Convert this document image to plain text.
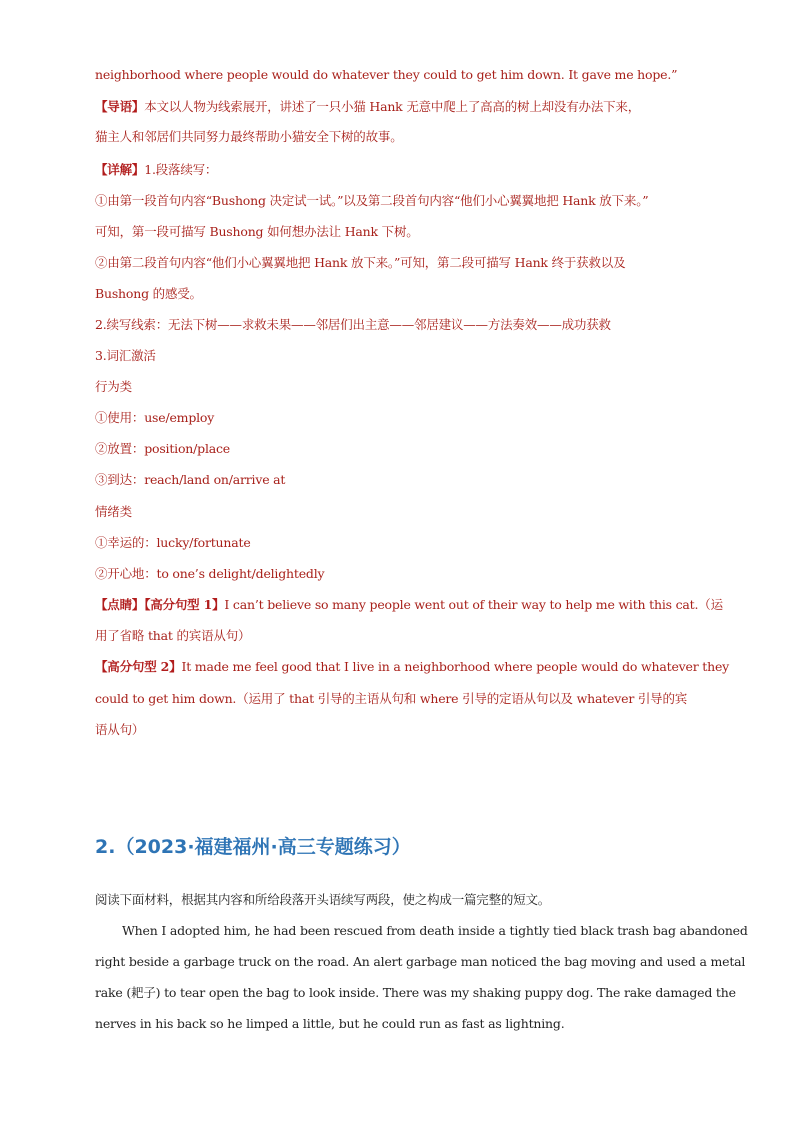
neighborhood where people would do whatever they could to get him down. It gave me hope.”
【导语】本文以人物为线索展开，讲述了一只小猫 Hank 无意中爬上了高高的树上却没有办法下来，
猫主人和邻居们共同努力最终帮助小猫安全下树的故事。
【详解】1.段落续写：
①由第一段首句内容“Bushong 决定试一试。”以及第二段首句内容“他们小心翼翼地把 Hank 放下来。”
可知，第一段可描写 Bushong 如何想办法让 Hank 下树。
②由第二段首句内容“他们小心翼翼地把 Hank 放下来。”可知，第二段可描写 Hank 终于获救以及
Bushong 的感受。
2.续写线索：无法下树——求救未果——邻居们出主意——邻居建议——方法奏效——成功获救
3.词汇激活
行为类
①使用：use/employ
②放置：position/place
③到达：reach/land on/arrive at
情绪类
①幸运的：lucky/fortunate
②开心地：to one’s delight/delightedly
【点睛】【高分句型 1】I can’t believe so many people went out of their way to help me with this cat.（运
用了省略 that 的宾语从句）
【高分句型 2】It made me feel good that I live in a neighborhood where people would do whatever they
could to get him down.（运用了 that 引导的主语从句和 where 引导的定语从句以及 whatever 引导的宾
语从句）
2.（2023·福建福州·高三专题练习）
阅读下面材料，根据其内容和所给段落开头语续写两段，使之构成一篇完整的短文。
When I adopted him, he had been rescued from death inside a tightly tied black trash bag abandoned
right beside a garbage truck on the road. An alert garbage man noticed the bag moving and used a metal
rake (耙子) to tear open the bag to look inside. There was my shaking puppy dog. The rake damaged the
nerves in his back so he limped a little, but he could run as fast as lightning.
